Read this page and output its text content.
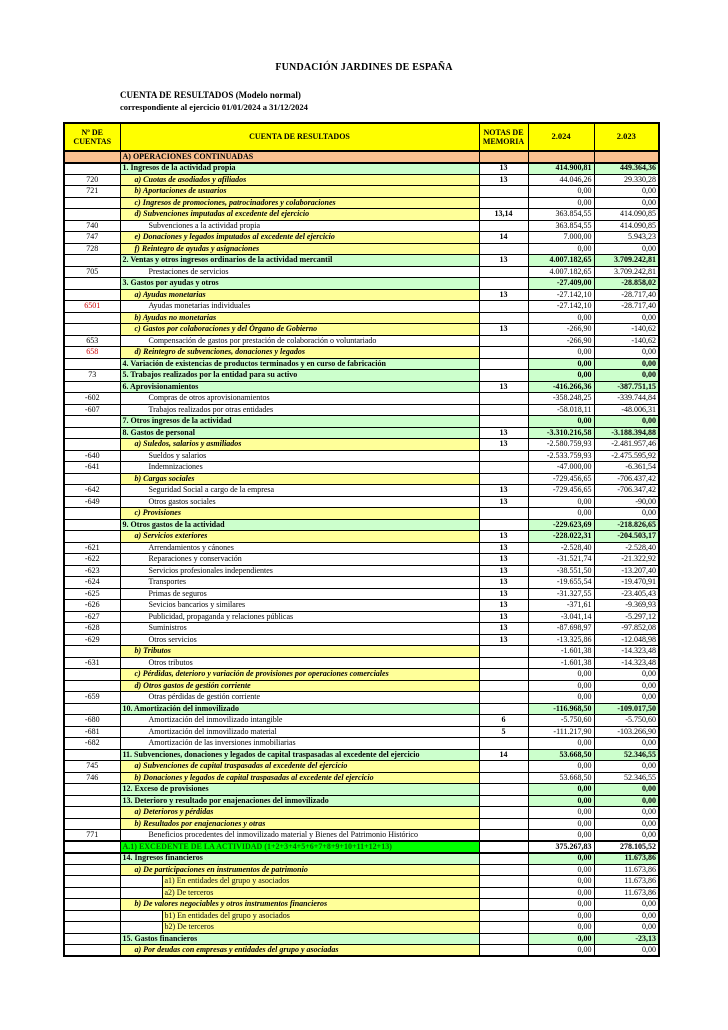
FUNDACIÓN JARDINES DE ESPAÑA
CUENTA DE RESULTADOS (Modelo normal)
correspondiente al ejercicio 01/01/2024 a 31/12/2024
Nº DE CUENTAS	CUENTA DE RESULTADOS		NOTAS DE MEMORIA	2.024	2.023
	A) OPERACIONES CONTINUADAS				
	1. Ingresos de la actividad propia		13	414.900,81	449.364,36
720	a) Cuotas de asodiados y afiliados		13	44.046,26	29.330,28
721	b) Aportaciones de usuarios			0,00	0,00
	c) Ingresos de promociones, patrocinadores y colaboraciones			0,00	0,00
	d) Subvenciones imputadas al excedente del ejercicio		13,14	363.854,55	414.090,85
740	Subvenciones a la actividad propia			363.854,55	414.090,85
747	e) Donaciones y legados imputados al excedente del ejercicio		14	7.000,00	5.943,23
728	f) Reintegro de ayudas y asignaciones			0,00	0,00
	2. Ventas y otros ingresos ordinarios de la actividad mercantil		13	4.007.182,65	3.709.242,81
705	Prestaciones de servicios			4.007.182,65	3.709.242,81
	3. Gastos por ayudas y otros			-27.409,00	-28.858,02
	a) Ayudas monetarias		13	-27.142,10	-28.717,40
6501	Ayudas monetarias individuales			-27.142,10	-28.717,40
	b) Ayudas no monetarias			0,00	0,00
	c) Gastos por colaboraciones y del Órgano de Gobierno		13	-266,90	-140,62
653	Compensación de gastos por prestación de colaboración o voluntariado			-266,90	-140,62
658	d) Reintegro de subvenciones, donaciones y legados			0,00	0,00
	4. Variación de existencias de productos terminados y en curso de fabricación			0,00	0,00
73	5. Trabajos realizados por la entidad para su activo			0,00	0,00
	6. Aprovisionamientos		13	-416.266,36	-387.751,15
-602	Compras de otros aprovisionamientos			-358.248,25	-339.744,84
-607	Trabajos realizados por otras entidades			-58.018,11	-48.006,31
	7. Otros ingresos de la actividad			0,00	0,00
	8. Gastos de personal		13	-3.310.216,58	-3.188.394,88
	a) Suledos, salarios y asmiliados		13	-2.580.759,93	-2.481.957,46
-640	Sueldos y salarios			-2.533.759,93	-2.475.595,92
-641	Indemnizaciones			-47.000,00	-6.361,54
	b) Cargas sociales			-729.456,65	-706.437,42
-642	Seguridad Social a cargo de la empresa		13	-729.456,65	-706.347,42
-649	Otros gastos sociales		13	0,00	-90,00
	c) Provisiones			0,00	0,00
	9. Otros gastos de la actividad			-229.623,69	-218.826,65
	a) Servicios exteriores		13	-228.022,31	-204.503,17
-621	Arrendamientos y cánones		13	-2.528,40	-2.528,40
-622	Reparaciones y conservación		13	-31.521,74	-21.322,92
-623	Servicios profesionales independientes		13	-38.551,50	-13.207,40
-624	Transportes		13	-19.655,54	-19.470,91
-625	Primas de seguros		13	-31.327,55	-23.405,43
-626	Sevicios bancarios y similares		13	-371,61	-9.369,93
-627	Publicidad, propaganda y relaciones públicas		13	-3.041,14	-5.297,12
-628	Suministros		13	-87.698,97	-97.852,08
-629	Otros servicios		13	-13.325,86	-12.048,98
	b) Tributos			-1.601,38	-14.323,48
-631	Otros tributos			-1.601,38	-14.323,48
	c) Pérdidas, deterioro y variación de provisiones por operaciones comerciales			0,00	0,00
	d) Otros gastos de gestión corriente			0,00	0,00
-659	Otras pérdidas de gestión corriente			0,00	0,00
	10. Amortización del inmovilizado			-116.968,50	-109.017,50
-680	Amortización del inmovilizado intangible		6	-5.750,60	-5.750,60
-681	Amortización del inmovilizado material		5	-111.217,90	-103.266,90
-682	Amortización de las inversiones inmobiliarias			0,00	0,00
	11. Subvenciones, donaciones y legados de capital traspasadas al excedente del ejercicio		14	53.668,50	52.346,55
745	a) Subvenciones de capital traspasadas al excedente del ejercicio			0,00	0,00
746	b) Donaciones y legados de capital traspasadas al excedente del ejercicio			53.668,50	52.346,55
	12. Exceso de provisiones			0,00	0,00
	13. Deterioro y resultado por enajenaciones del inmovilizado			0,00	0,00
	a) Deterioros y pérdidas			0,00	0,00
	b) Resultados por enajenaciones y otras			0,00	0,00
771	Beneficios procedentes del inmovilizado material y Bienes del Patrimonio Histórico			0,00	0,00
	A.1) EXCEDENTE DE LA ACTIVIDAD (1+2+3+4+5+6+7+8+9+10+11+12+13)			375.267,83	278.105,52
	14. Ingresos financieros			0,00	11.673,86
	a) De participaciones en instrumentos de patrimonio			0,00	11.673,86
		a1) En entidades del grupo y asociados		0,00	11.673,86
		a2) De terceros		0,00	11.673,86
	b) De valores negociables y otros instrumentos financieros			0,00	0,00
		b1) En entidades del grupo y asociados		0,00	0,00
		b2) De terceros		0,00	0,00
	15. Gastos financieros			0,00	-23,13
	a) Por deudas con empresas y entidades del grupo y asociadas			0,00	0,00
